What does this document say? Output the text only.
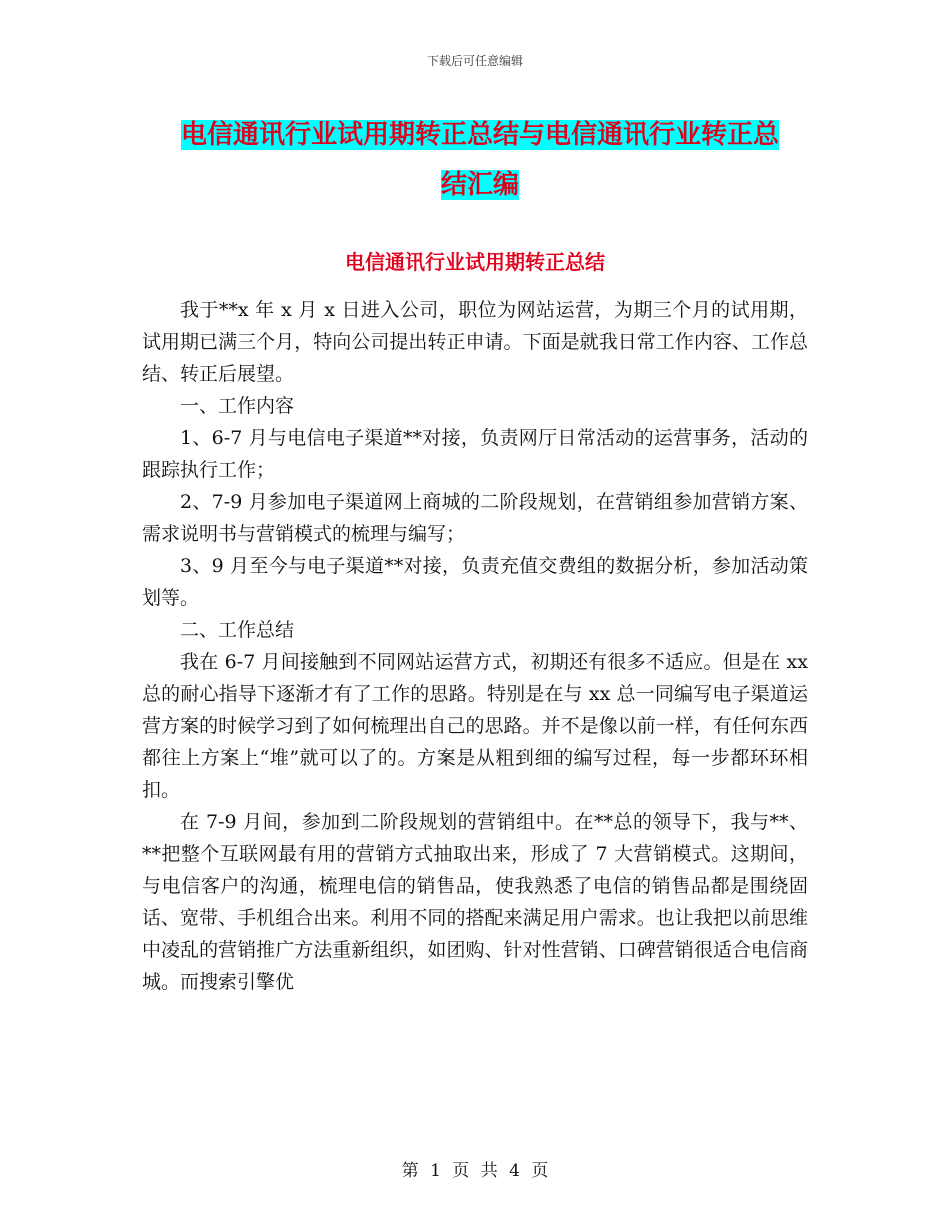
下载后可任意编辑
电信通讯行业试用期转正总结与电信通讯行业转正总
结汇编
电信通讯行业试用期转正总结

我于**x 年 x 月 x 日进入公司，职位为网站运营，为期三个月的试用期，试用期已满三个月，特向公司提出转正申请。下面是就我日常工作内容、工作总结、转正后展望。

一、工作内容

1、6-7 月与电信电子渠道**对接，负责网厅日常活动的运营事务，活动的跟踪执行工作；

2、7-9 月参加电子渠道网上商城的二阶段规划，在营销组参加营销方案、需求说明书与营销模式的梳理与编写；

3、9 月至今与电子渠道**对接，负责充值交费组的数据分析，参加活动策划等。

二、工作总结

我在 6-7 月间接触到不同网站运营方式，初期还有很多不适应。但是在 xx 总的耐心指导下逐渐才有了工作的思路。特别是在与 xx 总一同编写电子渠道运营方案的时候学习到了如何梳理出自己的思路。并不是像以前一样，有任何东西都往上方案上“堆”就可以了的。方案是从粗到细的编写过程，每一步都环环相扣。

在 7-9 月间，参加到二阶段规划的营销组中。在**总的领导下，我与**、**把整个互联网最有用的营销方式抽取出来，形成了 7 大营销模式。这期间，与电信客户的沟通，梳理电信的销售品，使我熟悉了电信的销售品都是围绕固话、宽带、手机组合出来。利用不同的搭配来满足用户需求。也让我把以前思维中凌乱的营销推广方法重新组织，如团购、针对性营销、口碑营销很适合电信商城。而搜索引擎优

第 1 页 共 4 页
